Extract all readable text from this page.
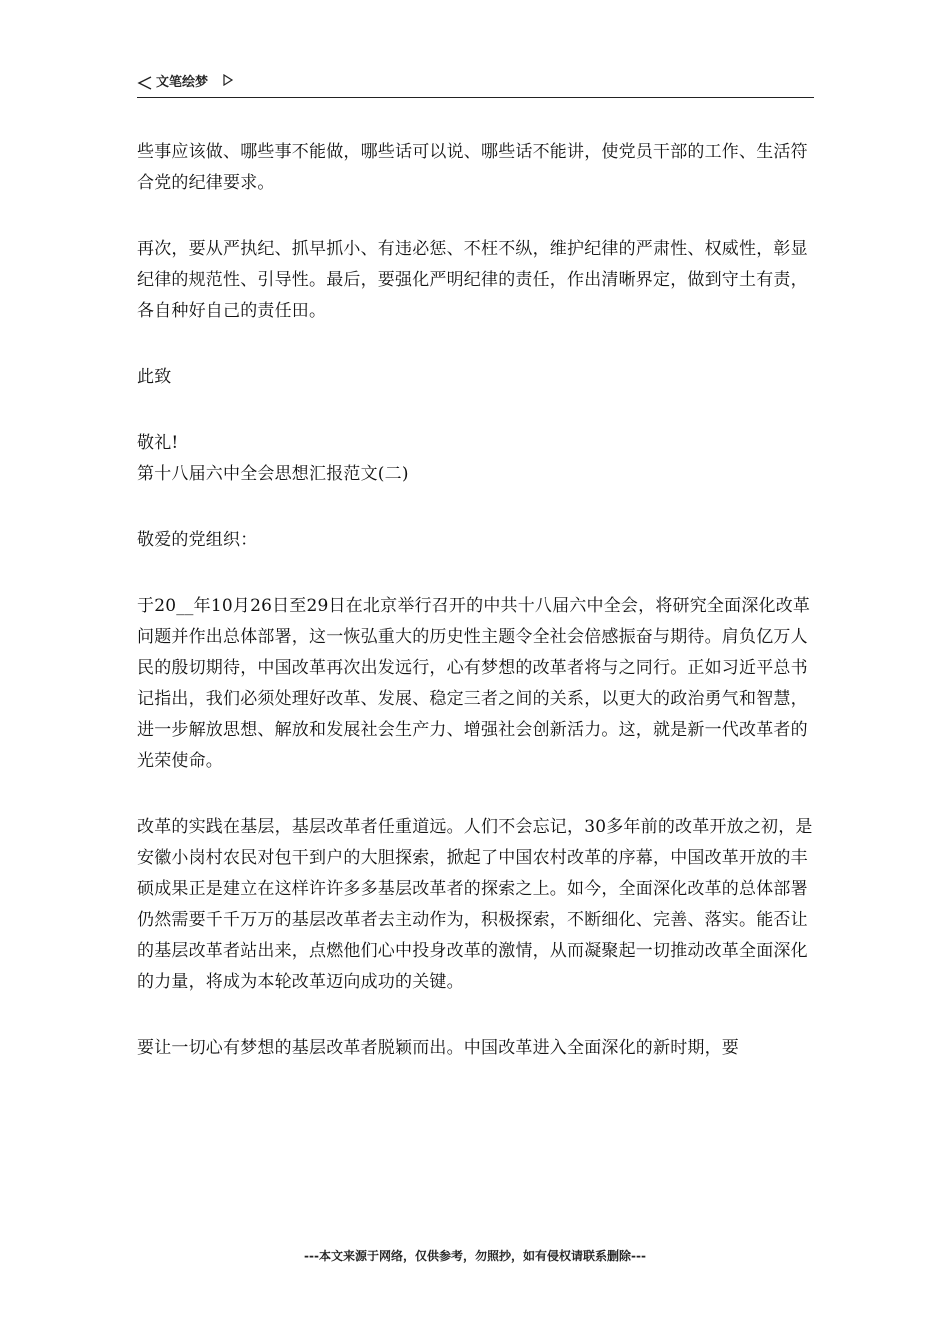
文笔绘梦

些事应该做、哪些事不能做，哪些话可以说、哪些话不能讲，使党员干部的工作、生活符合党的纪律要求。

再次，要从严执纪、抓早抓小、有违必惩、不枉不纵，维护纪律的严肃性、权威性，彰显纪律的规范性、引导性。最后，要强化严明纪律的责任，作出清晰界定，做到守土有责，各自种好自己的责任田。

此致

敬礼!

第十八届六中全会思想汇报范文(二)

敬爱的党组织：

于20__年10月26日至29日在北京举行召开的中共十八届六中全会，将研究全面深化改革问题并作出总体部署，这一恢弘重大的历史性主题令全社会倍感振奋与期待。肩负亿万人民的殷切期待，中国改革再次出发远行，心有梦想的改革者将与之同行。正如习近平总书记指出，我们必须处理好改革、发展、稳定三者之间的关系，以更大的政治勇气和智慧，进一步解放思想、解放和发展社会生产力、增强社会创新活力。这，就是新一代改革者的光荣使命。

改革的实践在基层，基层改革者任重道远。人们不会忘记，30多年前的改革开放之初，是安徽小岗村农民对包干到户的大胆探索，掀起了中国农村改革的序幕，中国改革开放的丰硕成果正是建立在这样许许多多基层改革者的探索之上。如今，全面深化改革的总体部署仍然需要千千万万的基层改革者去主动作为，积极探索，不断细化、完善、落实。能否让的基层改革者站出来，点燃他们心中投身改革的激情，从而凝聚起一切推动改革全面深化的力量，将成为本轮改革迈向成功的关键。

要让一切心有梦想的基层改革者脱颖而出。中国改革进入全面深化的新时期，要

---本文来源于网络，仅供参考，勿照抄，如有侵权请联系删除---
